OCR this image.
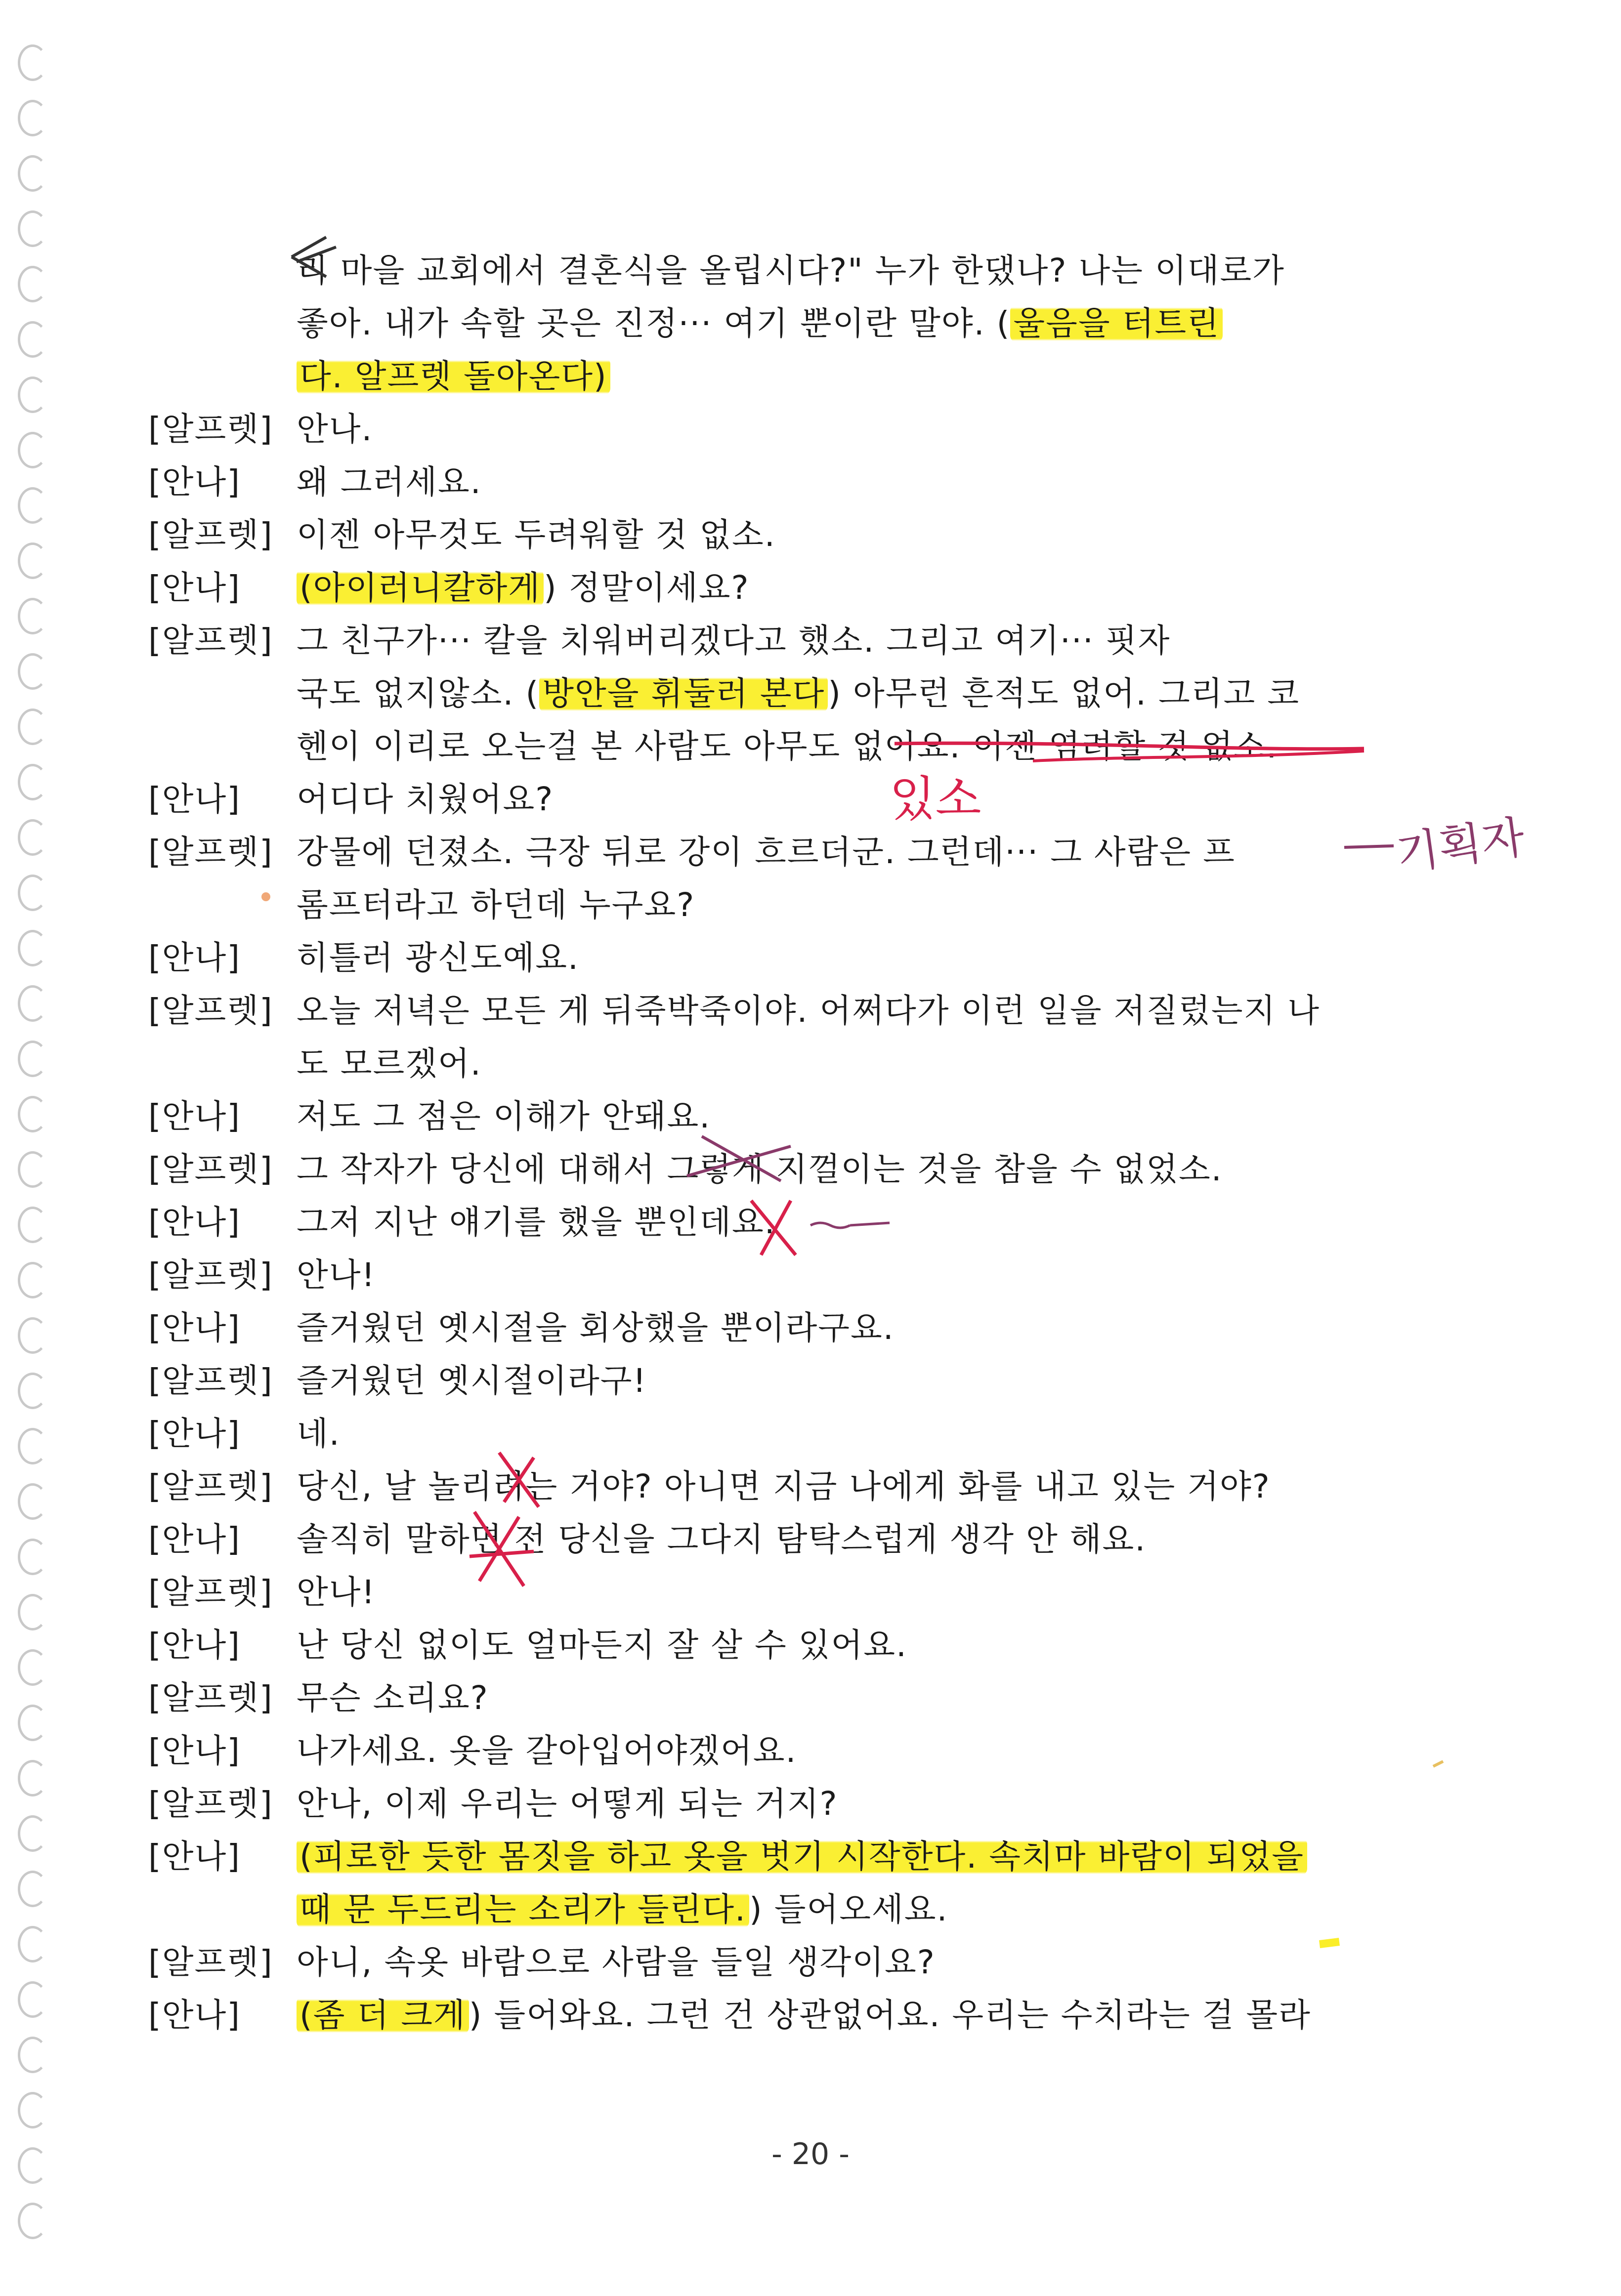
리 마을 교회에서 결혼식을 올립시다?" 누가 한댔나? 나는 이대로가
좋아. 내가 속할 곳은 진정··· 여기 뿐이란 말야. (울음을 터트린
다. 알프렛 돌아온다)
[알프렛] 안나.
[안나] 왜 그러세요.
[알프렛] 이젠 아무것도 두려워할 것 없소.
[안나] (아이러니칼하게) 정말이세요?
[알프렛] 그 친구가··· 칼을 치워버리겠다고 했소. 그리고 여기··· 핏자
국도 없지않소. (방안을 휘둘러 본다) 아무런 흔적도 없어. 그리고 코
헨이 이리로 오는걸 본 사람도 아무도 없어요. 이젠 염려할 것 없소.
[안나] 어디다 치웠어요?
[알프렛] 강물에 던졌소. 극장 뒤로 강이 흐르더군. 그런데··· 그 사람은 프
롬프터라고 하던데 누구요?
[안나] 히틀러 광신도예요.
[알프렛] 오늘 저녁은 모든 게 뒤죽박죽이야. 어쩌다가 이런 일을 저질렀는지 나
도 모르겠어.
[안나] 저도 그 점은 이해가 안돼요.
[알프렛] 그 작자가 당신에 대해서 그렇게 지껄이는 것을 참을 수 없었소.
[안나] 그저 지난 얘기를 했을 뿐인데요.
[알프렛] 안나!
[안나] 즐거웠던 옛시절을 회상했을 뿐이라구요.
[알프렛] 즐거웠던 옛시절이라구!
[안나] 네.
[알프렛] 당신, 날 놀리려는 거야? 아니면 지금 나에게 화를 내고 있는 거야?
[안나] 솔직히 말하면 전 당신을 그다지 탐탁스럽게 생각 안 해요.
[알프렛] 안나!
[안나] 난 당신 없이도 얼마든지 잘 살 수 있어요.
[알프렛] 무슨 소리요?
[안나] 나가세요. 옷을 갈아입어야겠어요.
[알프렛] 안나, 이제 우리는 어떻게 되는 거지?
[안나] (피로한 듯한 몸짓을 하고 옷을 벗기 시작한다. 속치마 바람이 되었을
때 문 두드리는 소리가 들린다.) 들어오세요.
[알프렛] 아니, 속옷 바람으로 사람을 들일 생각이요?
[안나] (좀 더 크게) 들어와요. 그런 건 상관없어요. 우리는 수치라는 걸 몰라
있소
기획자
- 20 -
